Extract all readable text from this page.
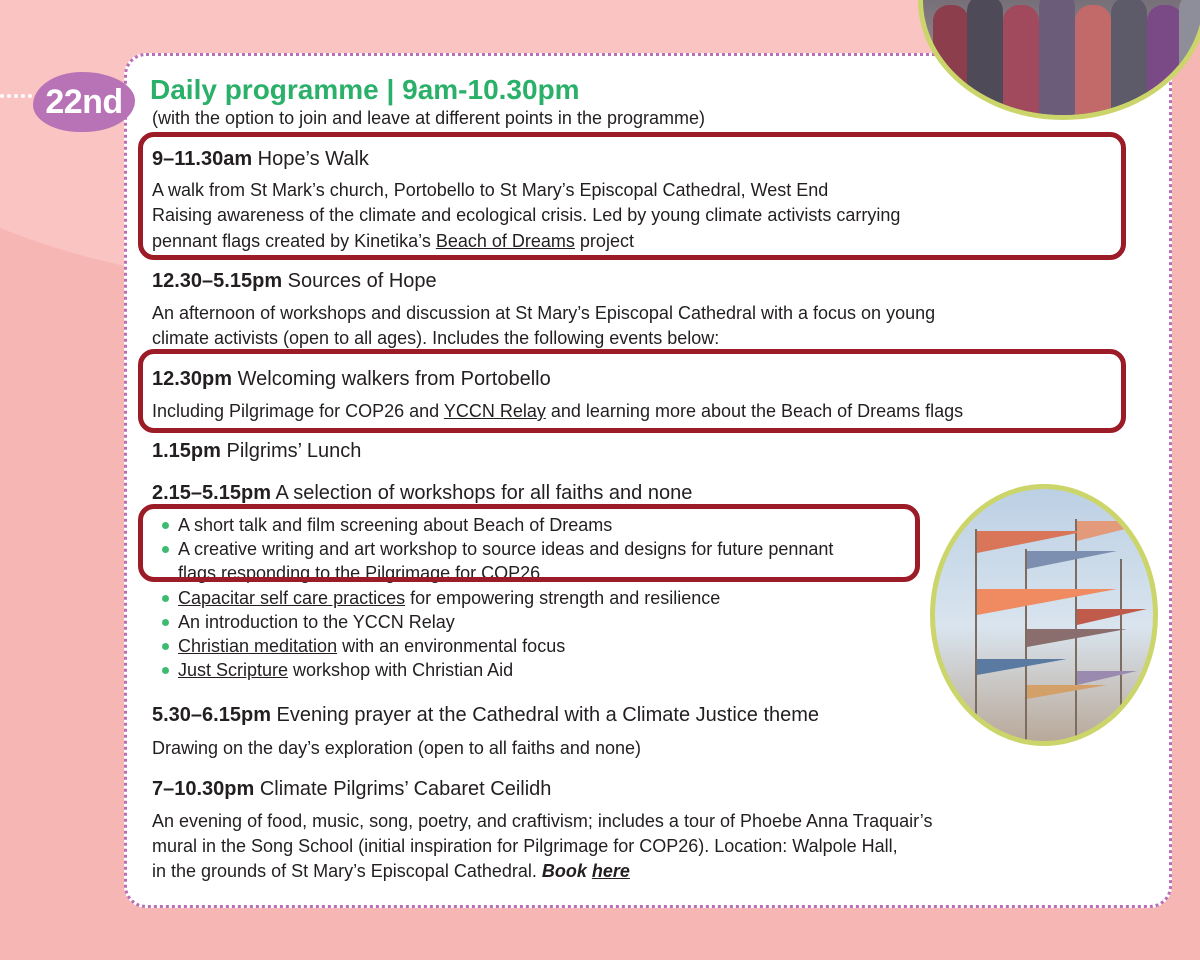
22nd Daily programme | 9am-10.30pm
(with the option to join and leave at different points in the programme)
9–11.30am Hope’s Walk
A walk from St Mark’s church, Portobello to St Mary’s Episcopal Cathedral, West End
Raising awareness of the climate and ecological crisis. Led by young climate activists carrying
pennant flags created by Kinetika’s Beach of Dreams project
12.30–5.15pm Sources of Hope
An afternoon of workshops and discussion at St Mary’s Episcopal Cathedral with a focus on young
climate activists (open to all ages). Includes the following events below:
12.30pm Welcoming walkers from Portobello
Including Pilgrimage for COP26 and YCCN Relay and learning more about the Beach of Dreams flags
1.15pm Pilgrims’ Lunch
2.15–5.15pm A selection of workshops for all faiths and none
A short talk and film screening about Beach of Dreams
A creative writing and art workshop to source ideas and designs for future pennant
flags responding to the Pilgrimage for COP26
Capacitar self care practices for empowering strength and resilience
An introduction to the YCCN Relay
Christian meditation with an environmental focus
Just Scripture workshop with Christian Aid
5.30–6.15pm Evening prayer at the Cathedral with a Climate Justice theme
Drawing on the day’s exploration (open to all faiths and none)
7–10.30pm Climate Pilgrims’ Cabaret Ceilidh
An evening of food, music, song, poetry, and craftivism; includes a tour of Phoebe Anna Traquair’s
mural in the Song School (initial inspiration for Pilgrimage for COP26). Location: Walpole Hall,
in the grounds of St Mary’s Episcopal Cathedral. Book here
Image: Mike Johnston
